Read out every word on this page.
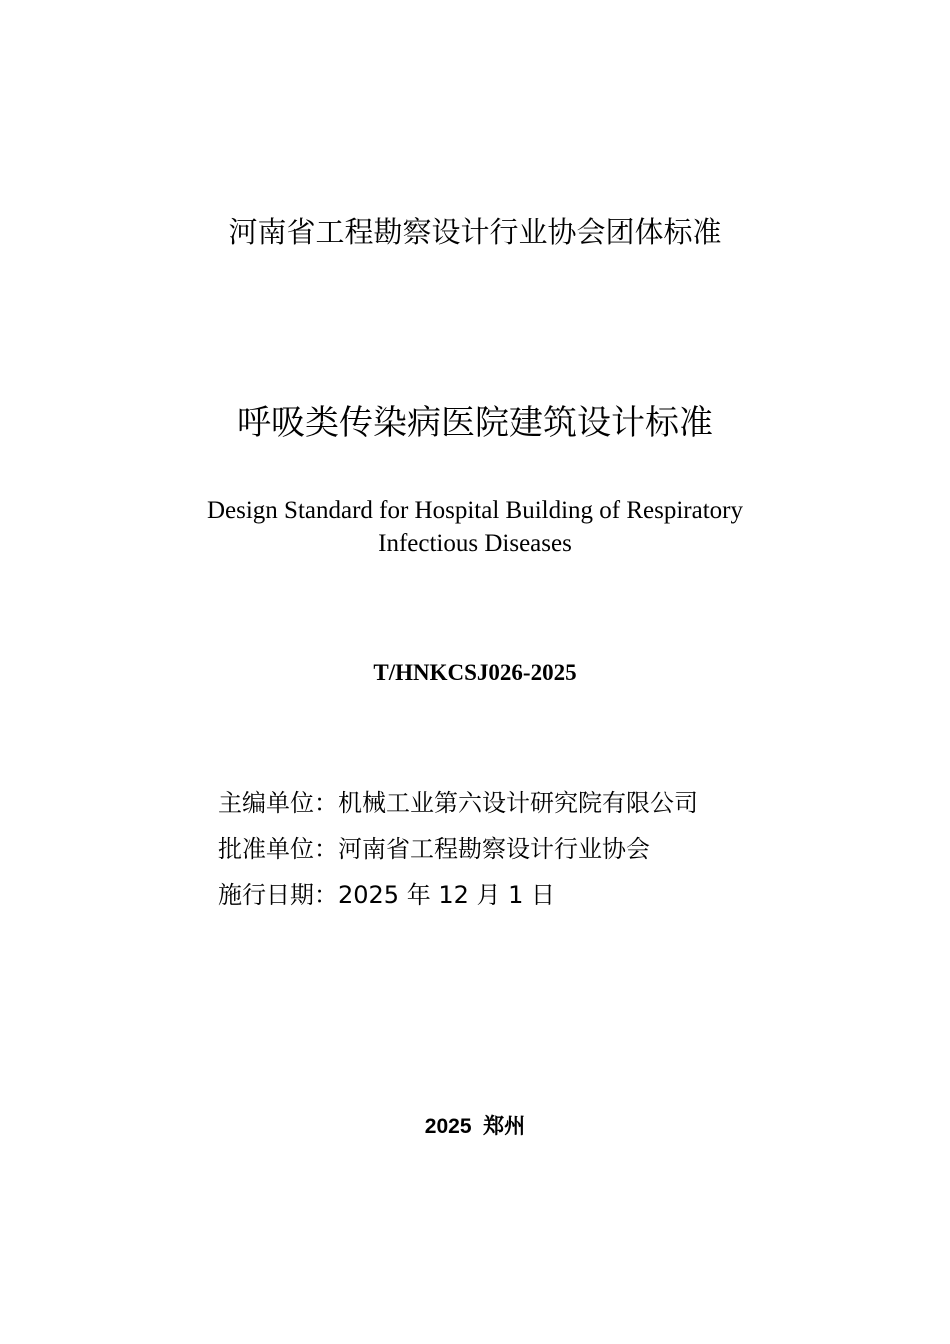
河南省工程勘察设计行业协会团体标准
呼吸类传染病医院建筑设计标准
Design Standard for Hospital Building of Respiratory
Infectious Diseases
T/HNKCSJ026-2025
主编单位：机械工业第六设计研究院有限公司
批准单位：河南省工程勘察设计行业协会
施行日期：2025 年 12 月 1 日
2025  郑州
